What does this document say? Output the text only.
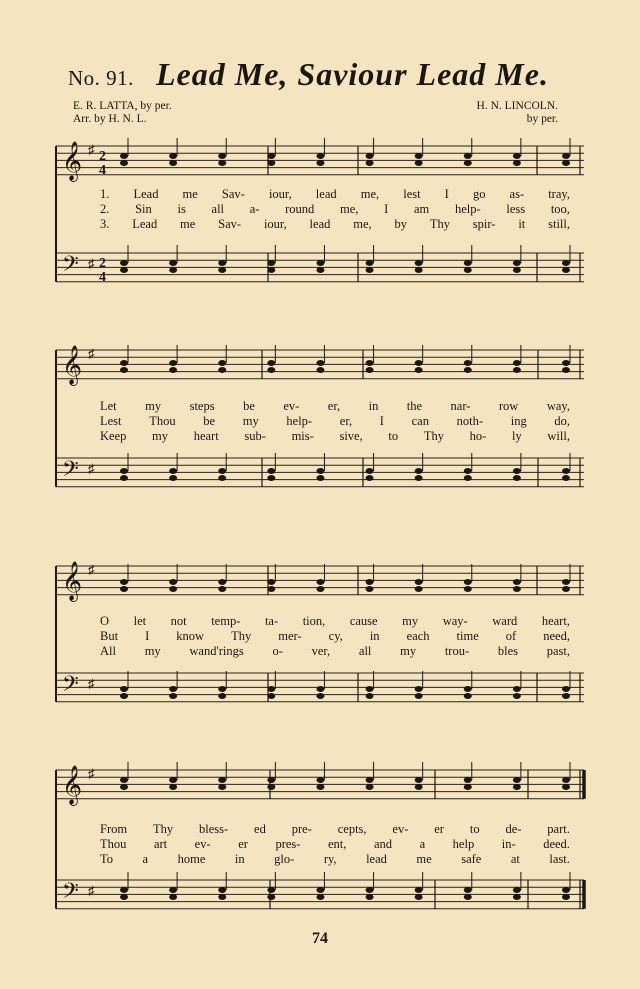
No. 91. Lead Me, Saviour Lead Me.
E. R. LATTA, by per.
Arr. by H. N. L.
H. N. LINCOLN.
by per.
𝄞 ♯ 2
4
𝄢 ♯ 2
4
𝄞 ♯
𝄢 ♯
𝄞 ♯
𝄢 ♯
𝄞 ♯
𝄢 ♯
1. Lead me Sav- iour, lead me, lest I go as- tray,
2. Sin is all a- round me, I am help- less too,
3. Lead me Sav- iour, lead me, by Thy spir- it still,
Let my steps be ev- er, in the nar- row way,
Lest Thou be my help- er, I can noth- ing do,
Keep my heart sub- mis- sive, to Thy ho- ly will,
O let not temp- ta- tion, cause my way- ward heart,
But I know Thy mer- cy, in each time of need,
All my wand'rings o- ver, all my trou- bles past,
From Thy bless- ed pre- cepts, ev- er to de- part.
Thou art ev- er pres- ent, and a help in- deed.
To a home in glo- ry, lead me safe at last.
74
